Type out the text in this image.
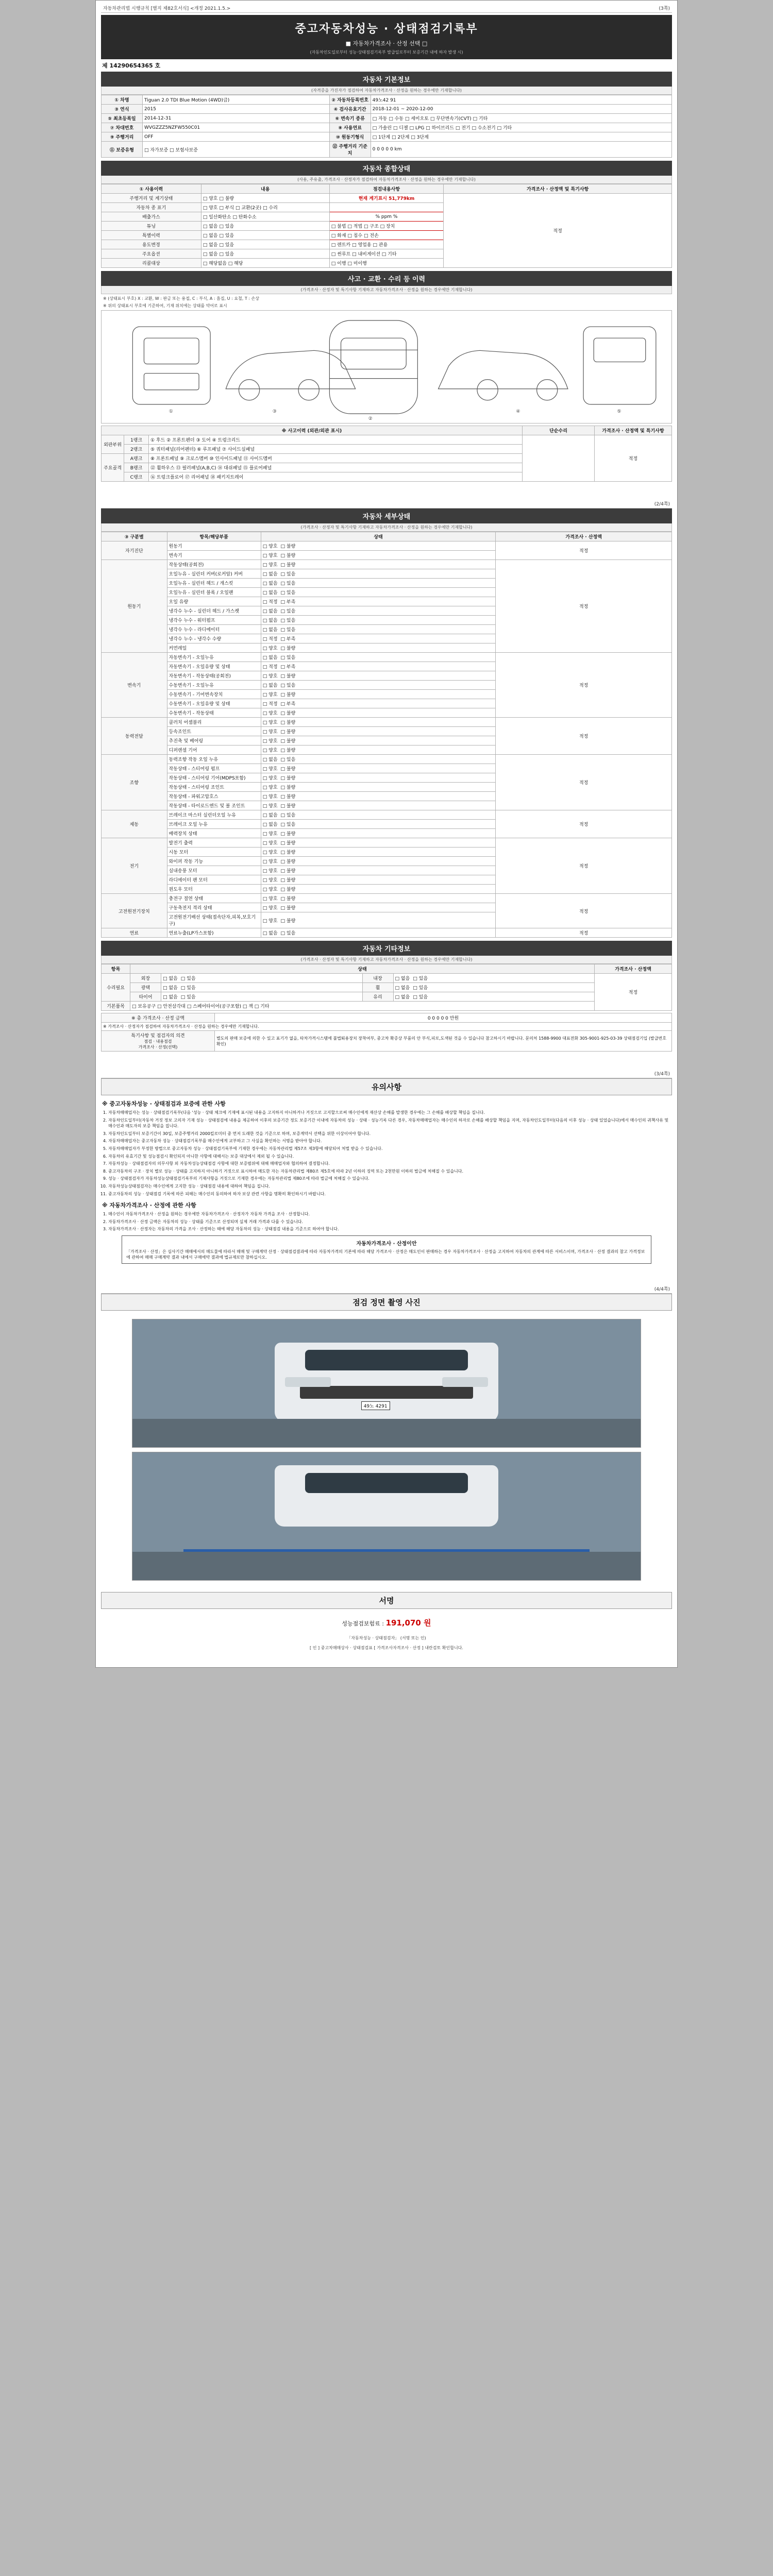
자동차관리법 시행규칙 [별지 제82호서식] <개정 2021.1.5.>	(3쪽)
중고자동차성능 · 상태점검기록부
■ 자동차가격조사 · 산정 선택 □
(자동차인도일로부터 성능·상태점검기록부 발급일로부터 보증기간 내에 하자 발생 시)
제 14290654365 호
자동차 기본정보
(자격증을 가진자가 점검하여 자동차가격조사 · 산정을 원하는 경우에만 기재합니다)
① 차명	Tiguan 2.0 TDI Blue Motion (4WD)급)	② 자동차등록번호	49노42 91
③ 연식	2015	④ 검사유효기간	2018-12-01 ~ 2020-12-00
⑤ 최초등록일	2014-12-31	⑥ 변속기 종류	□ 자동 □ 수동 □ 세미오토 □ 무단변속기(CVT) □ 기타
⑦ 차대번호	WVGZZZ5NZFW550C01	⑧ 사용연료	□ 가솔린 □ 디젤 □ LPG □ 하이브리드 □ 전기 □ 수소전기 □ 기타
⑨ 주행거리	OFF	⑩ 원동기형식	□ 1단계 □ 2단계 □ 3단계
⑪ 보증유형	□ 자가보증 □ 보험사보증	⑫ 주행거리 기준치	0 0 0 0 0 km
자동차 종합상태
(사용, 주유출, 가격조사 · 산정자가 점검하여 자동차가격조사 · 산정을 원하는 경우에만 기재합니다)
① 사용이력	내용	점검내용사항	가격조사 · 산정액 및 특기사항
주행거리 및 계기상태	□ 양호 □ 불량	현재 계기표시 51,779km	적정
자동차 종 표기	□ 양호 □ 부식 □ 교환(2곳) □ 수리		
배출가스	□ 일산화탄소 □ 탄화수소	% ppm %	
튜닝	□ 없음 □ 있음	□ 불법 □ 적법 □ 구조 □ 장치	
특별이력	□ 없음 □ 있음	□ 화재 □ 침수 □ 전손	
용도변경	□ 없음 □ 있음	□ 렌트카 □ 영업용 □ 관용	
주요옵션	□ 없음 □ 있음	□ 썬루프 □ 내비게이션 □ 기타	
리콜대상	□ 해당없음 □ 해당	□ 이행 □ 미이행	
사고 · 교환 · 수리 등 이력
(가격조사 · 산정자 및 특기사항 기재하고 자동차가격조사 · 산정을 원하는 경우에만 기재합니다)
※ (상태표시 부호) X : 교환, W : 판금 또는 용접, C : 부식, A : 흠집, U : 요철, T : 손상
※ 위의 상태표시 부호에 기준하여, 기재 위치에는 상태를 약어로 표시
①
②
③	④	⑤
※ 사고이력 (외관/외관 표시)			단순수리	가격조사 · 산정액 및 특기사항
외판부위	1랭크	① 후드 ② 프론트펜더 ③ 도어 ④ 트렁크리드		적정
	2랭크	⑤ 쿼터패널(리어펜더) ⑥ 루프패널 ⑦ 사이드실패널		
주요골격	A랭크	⑧ 프론트패널 ⑨ 크로스멤버 ⑩ 인사이드패널 ⑪ 사이드멤버		
	B랭크	⑫ 휠하우스 ⑬ 필러패널(A,B,C) ⑭ 대쉬패널 ⑮ 플로어패널		
	C랭크	⑯ 트렁크플로어 ⑰ 리어패널 ⑱ 패키지트레이		
(2/4쪽)
자동차 세부상태
(가격조사 · 산정자 및 특기사항 기재하고 자동차가격조사 · 산정을 원하는 경우에만 기재합니다)
③ 구분별	항목/해당부품	상태	가격조사 · 산정액
자기진단	원동기	□ 양호 □ 불량	적정
	변속기	□ 양호 □ 불량	
원동기	작동상태(공회전)	□ 양호 □ 불량	적정
	오일누유 - 실린더 커버(로커암) 커버	□ 없음 □ 있음	
	오일누유 - 실린더 헤드 / 개스킷	□ 없음 □ 있음	
	오일누유 - 실린더 블록 / 오일팬	□ 없음 □ 있음	
	오일 유량	□ 적정 □ 부족	
	냉각수 누수 - 실린더 헤드 / 가스켓	□ 없음 □ 있음	
	냉각수 누수 - 워터펌프	□ 없음 □ 있음	
	냉각수 누수 - 라디에이터	□ 없음 □ 있음	
	냉각수 누수 - 냉각수 수량	□ 적정 □ 부족	
	커먼레일	□ 양호 □ 불량	
변속기	자동변속기 - 오일누유	□ 없음 □ 있음	적정
	자동변속기 - 오일유량 및 상태	□ 적정 □ 부족	
	자동변속기 - 작동상태(공회전)	□ 양호 □ 불량	
	수동변속기 - 오일누유	□ 없음 □ 있음	
	수동변속기 - 기어변속장치	□ 양호 □ 불량	
	수동변속기 - 오일유량 및 상태	□ 적정 □ 부족	
	수동변속기 - 작동상태	□ 양호 □ 불량	
동력전달	클러치 어셈블리	□ 양호 □ 불량	적정
	등속조인트	□ 양호 □ 불량	
	추진축 및 베어링	□ 양호 □ 불량	
	디퍼렌셜 기어	□ 양호 □ 불량	
조향	동력조향 작동 오일 누유	□ 없음 □ 있음	적정
	작동상태 - 스티어링 펌프	□ 양호 □ 불량	
	작동상태 - 스티어링 기어(MDPS포함)	□ 양호 □ 불량	
	작동상태 - 스티어링 조인트	□ 양호 □ 불량	
	작동상태 - 파워고압호스	□ 양호 □ 불량	
	작동상태 - 타이로드엔드 및 볼 조인트	□ 양호 □ 불량	
제동	브레이크 마스터 실린더오일 누유	□ 없음 □ 있음	적정
	브레이크 오일 누유	□ 없음 □ 있음	
	배력장치 상태	□ 양호 □ 불량	
전기	발전기 출력	□ 양호 □ 불량	적정
	시동 모터	□ 양호 □ 불량	
	와이퍼 작동 기능	□ 양호 □ 불량	
	실내송풍 모터	□ 양호 □ 불량	
	라디에이터 팬 모터	□ 양호 □ 불량	
	윈도우 모터	□ 양호 □ 불량	
고전원전기장치	충전구 절연 상태	□ 양호 □ 불량	적정
	구동축전지 격리 상태	□ 양호 □ 불량	
	고전원전기배선 상태(접속단자,피복,보호기구)	□ 양호 □ 불량	
연료	연료누출(LP가스포함)	□ 없음 □ 있음	적정
자동차 기타정보
(가격조사 · 산정자 및 특기사항 기재하고 자동차가격조사 · 산정을 원하는 경우에만 기재합니다)
항목	상태				가격조사 · 산정액
수리필요	외장	□ 없음 □ 있음	내장	□ 없음 □ 있음	적정
	광택	□ 없음 □ 있음	휠	□ 없음 □ 있음	
	타이어	□ 없음 □ 있음	유리	□ 없음 □ 있음	
기본품목	□ 보유공구 □ 안전삼각대 □ 스페어타이어(공구포함) □ 잭 □ 기타				
※ 총 가격조사 · 산정 금액	0 0 0 0 0 만원
※ 가격조사 · 산정자가 점검하여 자동차가격조사 · 산정을 원하는 경우에만 기재합니다.	

특기사항 및 점검자의 의견
점검 · 내용점검
가격조사 · 산정(선택)	별도의 판매 보증에 의한 수 있고 표기가 없을, 타차가격시스템에 불법퇴용장치 장착여부, 중고차 확증상 부품의 안 부식,피로,도색된 것을 수 있습니다 참고하시기 바랍니다. 문의처 1588-9900 대표전화 305-9001-925-03-39 상태점검기입 (발급번호 확인)
(3/4쪽)
유의사항
※ 중고자동차성능 · 상태점검과 보증에 관한 사항
1. 자동차매매업자는 성능 · 상태점검기록부(다음 '성능 · 상태 체크에 기재에 표시된 내용을 고지하지 아니하거나 거짓으로 고지할으로써 매수인에게 재산상 손해를 발생한 경우에는 그 손해를 배상할 책임을 집니다.
2. 자동차인도일부터(자동차 거짓 정보 고의자 기재 성능 · 상태점검에 내용을 제공하여 이후의 보증기간 정도 보증기간 이내에 자동차의 성능 · 상태 · 성능기록 다른 경우, 자동차매매업자는 매수인의 하자로 손해를 배상할 책임을 지며, 자동차인도일부터(다음의 이후 성능 · 상태 있었습니다)에서 매수인의 귀책사유 및 매수인과 매도자의 보증 책임을 집니다.
3. 자동차인도일부터 보증기간이 30일, 보증주행거리 2000킬로미터 중 먼저 도래한 것을 기준으로 하며, 보증계약서 선택을 위한 이상이어야 합니다.
4. 자동차매매업자는 중고자동차 성능 · 상태점검기록부를 매수인에게 교부하고 그 사실을 확인하는 서명을 받아야 합니다.
5. 자동차매매업자가 부정한 방법으로 중고자동차 성능 · 상태점검기록부에 기재한 경우에는 자동차관리법 제57조 제3항에 해당되어 처벌 받을 수 있습니다.
6. 자동차의 유효기간 및 성능점검시 확인되지 아니한 사항에 대해서는 보증 대상에서 제외 될 수 있습니다.
7. 자동차성능 · 상태점검자의 의무사항 외 자동차성능상태점검 사항에 대한 보증범위에 대해 매매업자와 협의하여 결정합니다.
8. 중고자동차의 구조 · 장치 별로 성능 · 상태를 고지하지 아니하기 거짓으로 표시하여 매도한 자는 자동차관리법 제80조 제5호에 따라 2년 이하의 징역 또는 2천만원 이하의 벌금에 처해질 수 있습니다.
9. 성능 · 상태점검자가 자동차성능상태점검기록부의 기재사항을 거짓으로 기재한 경우에는 자동차관리법 제80조에 따라 벌금에 처해질 수 있습니다.
10. 자동차성능상태점검자는 매수인에게 고지한 성능 · 상태점검 내용에 대하여 책임을 집니다.
11. 중고자동차의 성능 · 상태점검 기록에 따른 피해는 매수인의 동의하여 하자 보상 관련 사항을 명확히 확인하시기 바랍니다.
※ 자동차가격조사 · 산정에 관한 사항
1. 매수인이 자동차가격조사 · 산정을 원하는 경우에만 자동차가격조사 · 산정자가 자동차 가격을 조사 · 산정합니다.
2. 자동차가격조사 · 산정 금액은 자동차의 성능 · 상태를 기준으로 산정되며 실제 거래 가격과 다를 수 있습니다.
3. 자동차가격조사 · 산정자는 자동차의 가격을 조사 · 산정하는 때에 해당 자동차의 성능 · 상태점검 내용을 기준으로 하여야 합니다.
자동차가격조사 · 산정이안
「가격조사 · 산정」은 심사기간 매매에서의 매도물에 따라서 매매 및 구매계약 산정 · 상태점검결과에 따라 자동차가격의 기본에 따라 해당 가격조사 · 산정은 매도인이 판매하는 경우 자동차가격조사 · 산정을 고지하여 자동차의 관계에 따른 서비스이며, 가격조사 · 산정 결과의 참고 가격정보에 관하여 매매 구매계약 결과 내에서 구매에약 결과에 법규제로만 참하십시오.
(4/4쪽)
점검 정면 촬영 사진
49노 4291
서명
성능점검보험료 : 191,070 원
「자동차성능 · 상태점검자」 (서명 또는 인)
[ 인 ] 중고차매매상사 · 상태점검표 [ 가격조사자격조사 · 산정 ] 내란검토 확인합니다.
